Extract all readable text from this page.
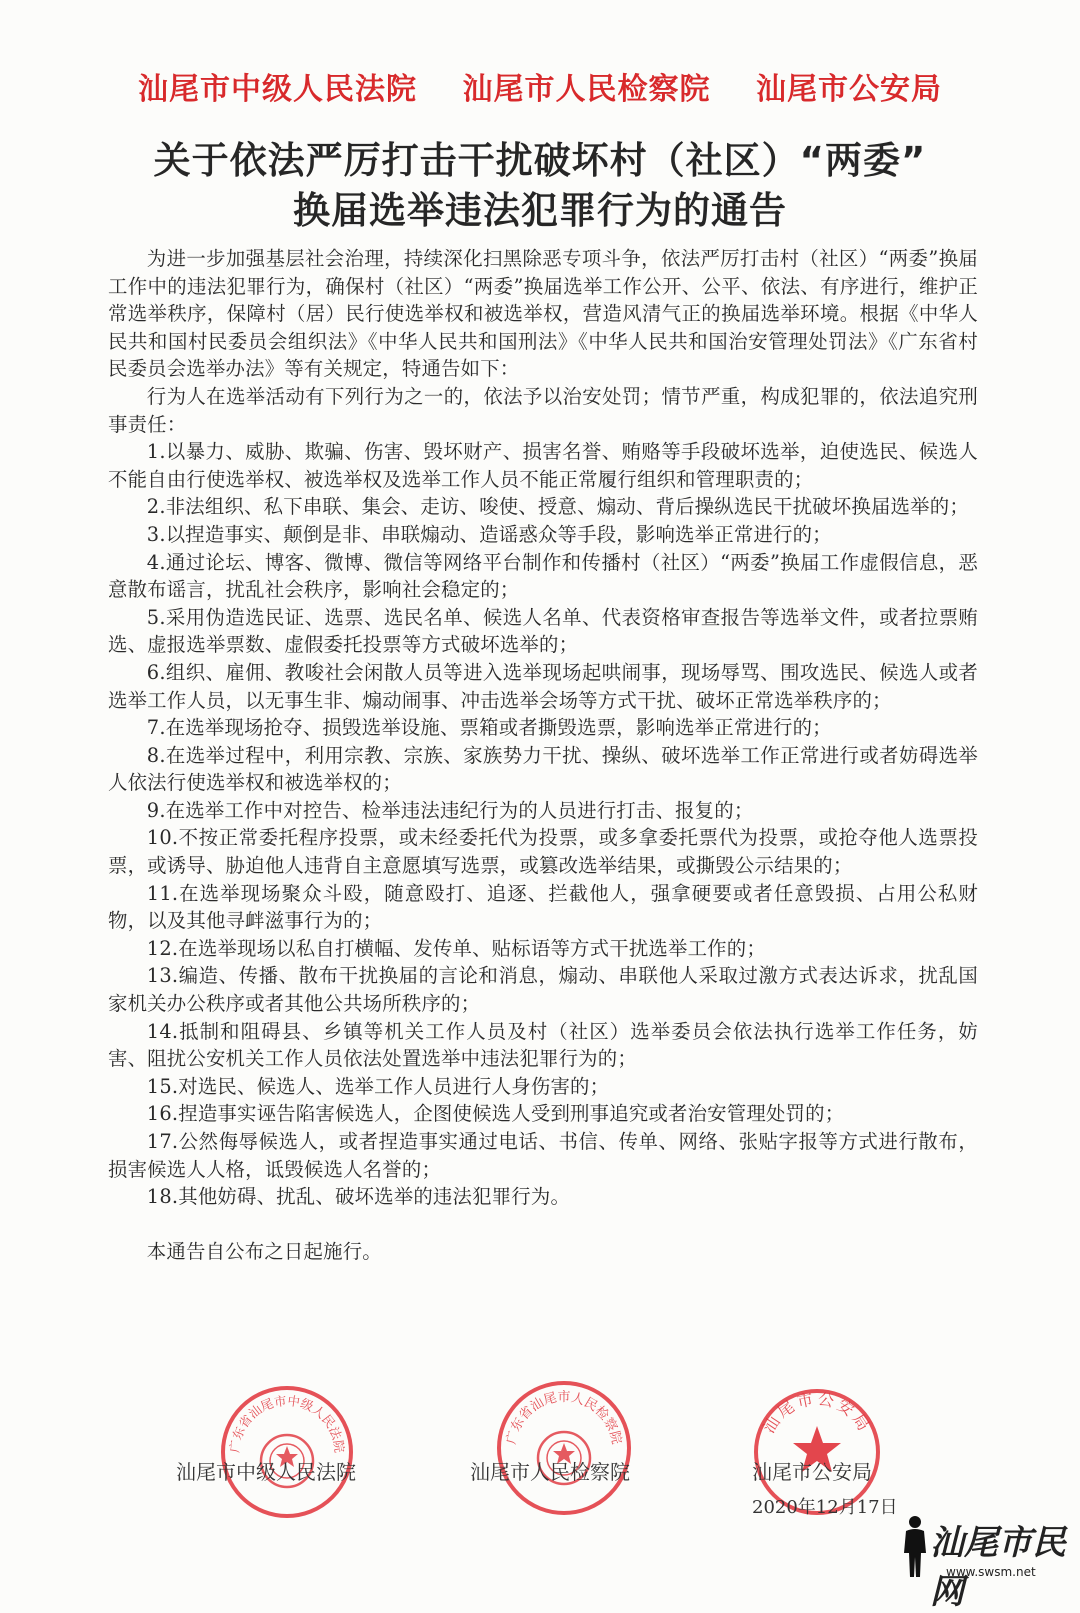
汕尾市中级人民法院 汕尾市人民检察院 汕尾市公安局
关于依法严厉打击干扰破坏村（社区）“两委”
换届选举违法犯罪行为的通告

为进一步加强基层社会治理，持续深化扫黑除恶专项斗争，依法严厉打击村（社区）“两委”换届工作中的违法犯罪行为，确保村（社区）“两委”换届选举工作公开、公平、依法、有序进行，维护正常选举秩序，保障村（居）民行使选举权和被选举权，营造风清气正的换届选举环境。根据《中华人民共和国村民委员会组织法》《中华人民共和国刑法》《中华人民共和国治安管理处罚法》《广东省村民委员会选举办法》等有关规定，特通告如下：

行为人在选举活动有下列行为之一的，依法予以治安处罚；情节严重，构成犯罪的，依法追究刑事责任：

1.以暴力、威胁、欺骗、伤害、毁坏财产、损害名誉、贿赂等手段破坏选举，迫使选民、候选人不能自由行使选举权、被选举权及选举工作人员不能正常履行组织和管理职责的；

2.非法组织、私下串联、集会、走访、唆使、授意、煽动、背后操纵选民干扰破坏换届选举的；

3.以捏造事实、颠倒是非、串联煽动、造谣惑众等手段，影响选举正常进行的；

4.通过论坛、博客、微博、微信等网络平台制作和传播村（社区）“两委”换届工作虚假信息，恶意散布谣言，扰乱社会秩序，影响社会稳定的；

5.采用伪造选民证、选票、选民名单、候选人名单、代表资格审查报告等选举文件，或者拉票贿选、虚报选举票数、虚假委托投票等方式破坏选举的；

6.组织、雇佣、教唆社会闲散人员等进入选举现场起哄闹事，现场辱骂、围攻选民、候选人或者选举工作人员，以无事生非、煽动闹事、冲击选举会场等方式干扰、破坏正常选举秩序的；

7.在选举现场抢夺、损毁选举设施、票箱或者撕毁选票，影响选举正常进行的；

8.在选举过程中，利用宗教、宗族、家族势力干扰、操纵、破坏选举工作正常进行或者妨碍选举人依法行使选举权和被选举权的；

9.在选举工作中对控告、检举违法违纪行为的人员进行打击、报复的；

10.不按正常委托程序投票，或未经委托代为投票，或多拿委托票代为投票，或抢夺他人选票投票，或诱导、胁迫他人违背自主意愿填写选票，或篡改选举结果，或撕毁公示结果的；

11.在选举现场聚众斗殴，随意殴打、追逐、拦截他人，强拿硬要或者任意毁损、占用公私财物，以及其他寻衅滋事行为的；

12.在选举现场以私自打横幅、发传单、贴标语等方式干扰选举工作的；

13.编造、传播、散布干扰换届的言论和消息，煽动、串联他人采取过激方式表达诉求，扰乱国家机关办公秩序或者其他公共场所秩序的；

14.抵制和阻碍县、乡镇等机关工作人员及村（社区）选举委员会依法执行选举工作任务，妨害、阻扰公安机关工作人员依法处置选举中违法犯罪行为的；

15.对选民、候选人、选举工作人员进行人身伤害的；

16.捏造事实诬告陷害候选人，企图使候选人受到刑事追究或者治安管理处罚的；

17.公然侮辱候选人，或者捏造事实通过电话、书信、传单、网络、张贴字报等方式进行散布，损害候选人人格，诋毁候选人名誉的；

18.其他妨碍、扰乱、破坏选举的违法犯罪行为。

本通告自公布之日起施行。

广东省汕尾市中级人民法院
广东省汕尾市人民检察院
汕尾市公安局
汕尾市中级人民法院	汕尾市人民检察院	汕尾市公安局
2020年12月17日
汕尾市民网
www.swsm.net
